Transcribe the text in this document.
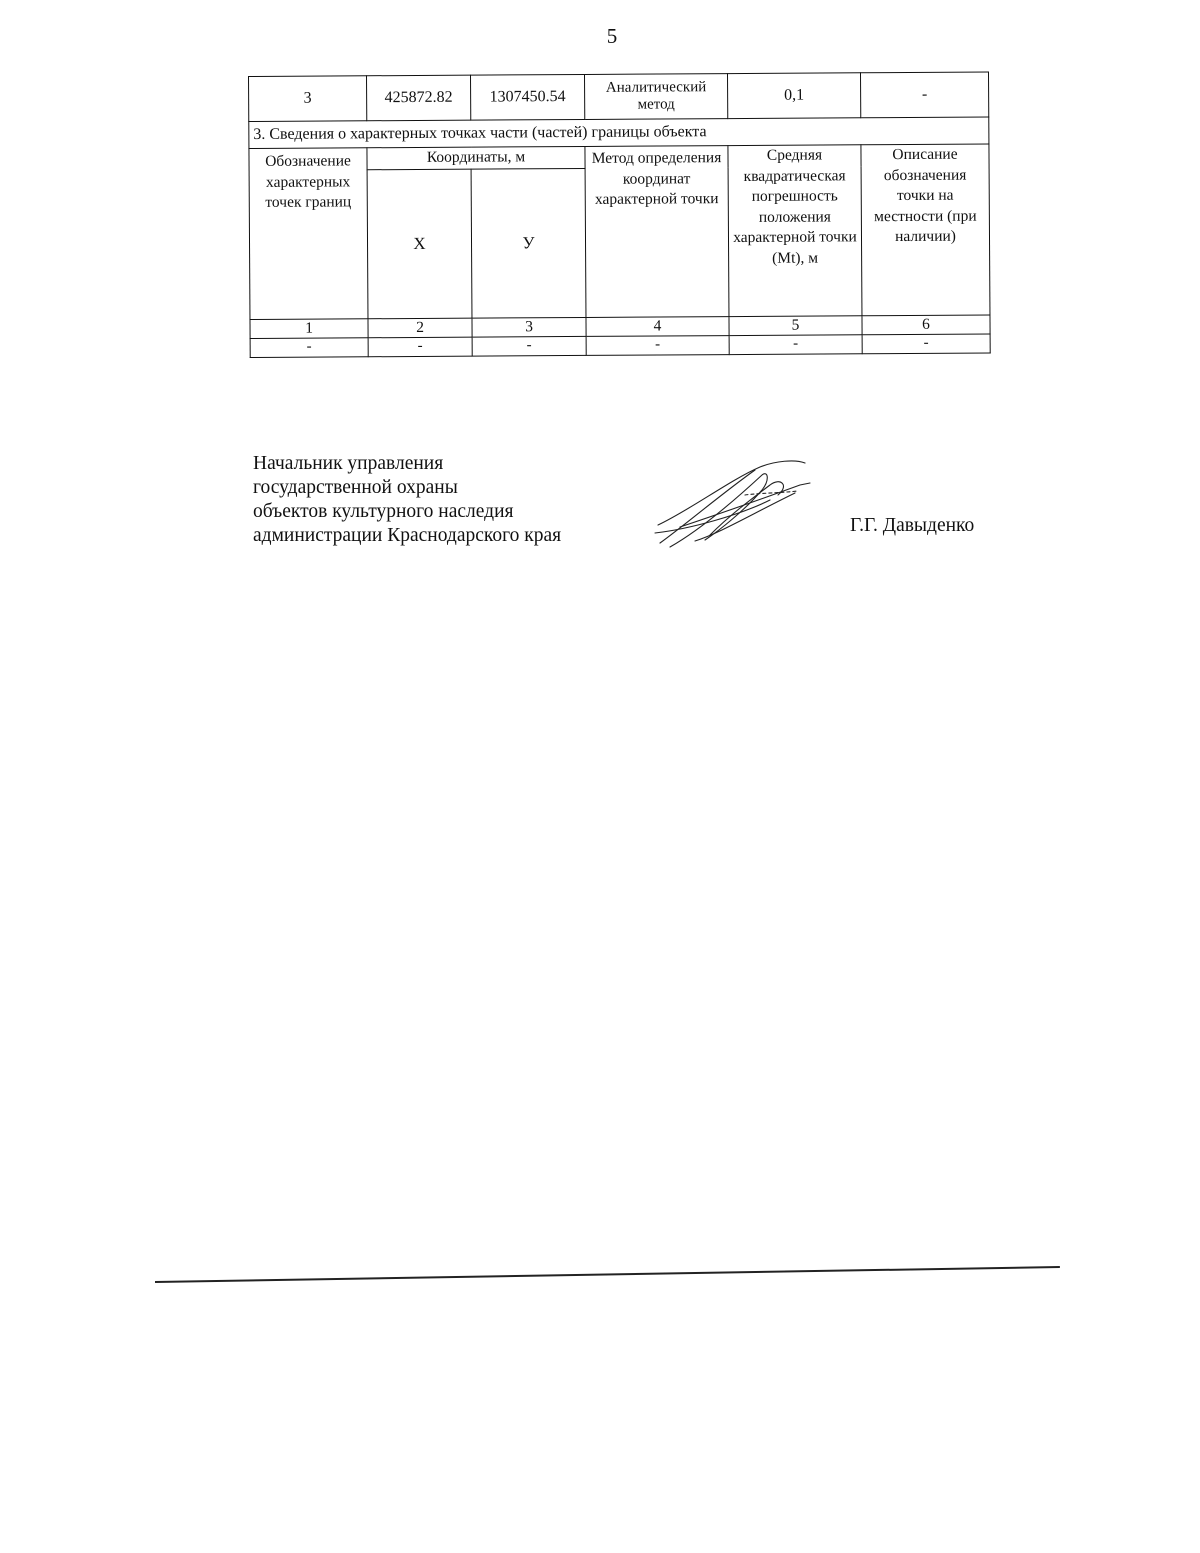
5
3	425872.82	1307450.54	Аналитический метод	0,1	-
3. Сведения о характерных точках части (частей) границы объекта					
Обозначение характерных точек границ	Координаты, м		Метод определения координат характерной точки	Средняя квадратическая погрешность положения характерной точки (Mt), м	Описание обозначения точки на местности (при наличии)
	X	У			
1	2	3	4	5	6
-	-	-	-	-	-
Начальник управления
государственной охраны
объектов культурного наследия
администрации Краснодарского края	Г.Г. Давыденко
